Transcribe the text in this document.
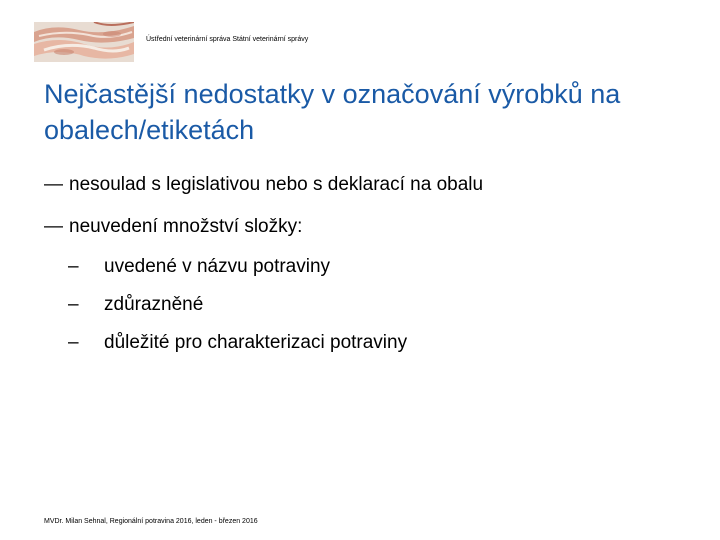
Ústřední veterinární správa Státní veterinární správy
Nejčastější nedostatky v označování výrobků na obalech/etiketách
— nesoulad s legislativou nebo s deklarací na obalu
— neuvedení množství složky:
– uvedené v názvu potraviny
– zdůrazněné
– důležité pro charakterizaci potraviny
MVDr. Milan Sehnal, Regionální potravina 2016, leden - březen 2016
